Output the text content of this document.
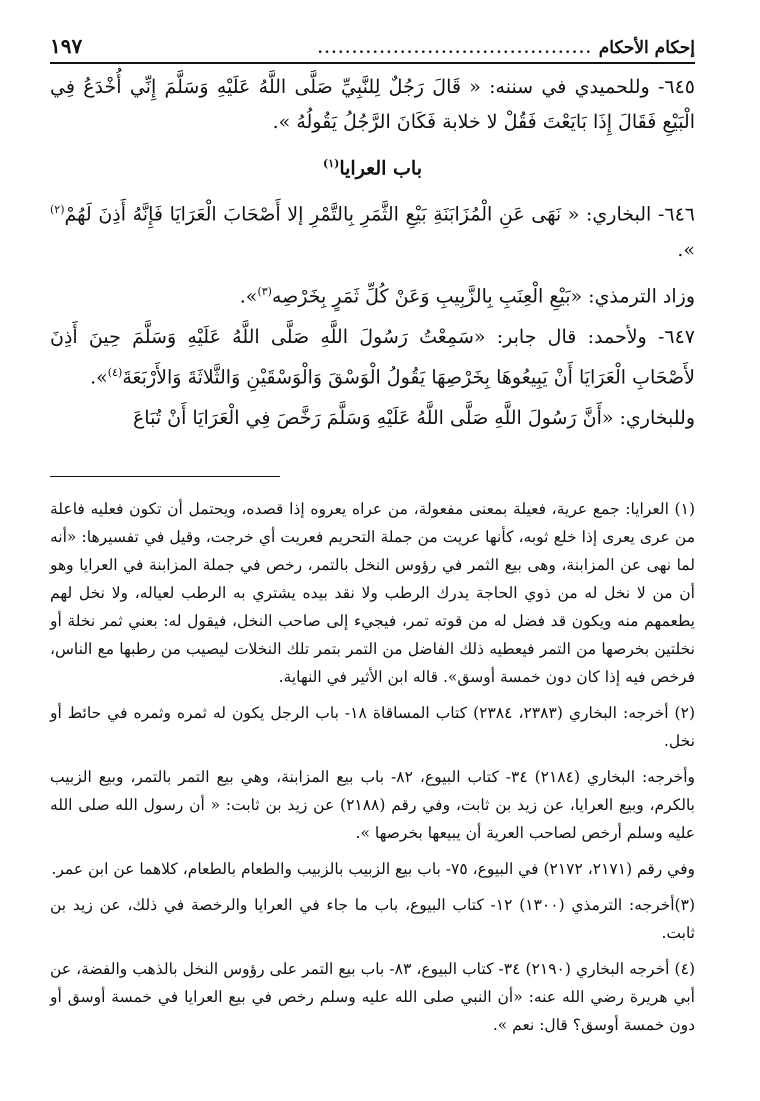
إحكام الأحكام
........................................
١٩٧

٦٤٥- وللحميدي في سننه: « قَالَ رَجُلٌ لِلنَّبِيِّ صَلَّى اللَّهُ عَلَيْهِ وَسَلَّمَ إِنِّي أُخْدَعُ فِي الْبَيْعِ فَقَالَ إِذَا بَايَعْتَ فَقُلْ لا خلابة فَكَانَ الرَّجُلُ يَقُولُهُ ».

باب العرايا$^{(١)}$

٦٤٦- البخاري: « نَهَى عَنِ الْمُزَابَنَةِ بَيْعِ الثَّمَرِ بِالتَّمْرِ إلا أَصْحَابَ الْعَرَايَا فَإِنَّهُ أَذِنَ لَهُمْ$^{(٢)}$ ».

وزاد الترمذي: «بَيْعِ الْعِنَبِ بِالزَّبِيبِ وَعَنْ كُلِّ ثَمَرٍ بِخَرْصِه$^{(٣)}$».

٦٤٧- ولأحمد: قال جابر: «سَمِعْتُ رَسُولَ اللَّهِ صَلَّى اللَّهُ عَلَيْهِ وَسَلَّمَ حِينَ أَذِنَ لأَصْحَابِ الْعَرَايَا أَنْ يَبِيعُوهَا بِخَرْصِهَا يَقُولُ الْوَسْقَ وَالْوَسْقَيْنِ وَالثَّلاثَةَ وَالأَرْبَعَةَ$^{(٤)}$».

وللبخاري: «أَنَّ رَسُولَ اللَّهِ صَلَّى اللَّهُ عَلَيْهِ وَسَلَّمَ رَخَّصَ فِي الْعَرَايَا أَنْ تُبَاعَ

(١) العرايا: جمع عرية، فعيلة بمعنى مفعولة، من عراه يعروه إذا قصده، ويحتمل أن تكون فعليه فاعلة من عرى يعرى إذا خلع ثوبه، كأنها عريت من جملة التحريم فعريت أي خرجت، وقيل في تفسيرها: «أنه لما نهى عن المزابنة، وهى بيع الثمر في رؤوس النخل بالتمر، رخص في جملة المزابنة في العرايا وهو أن من لا نخل له من ذوي الحاجة يدرك الرطب ولا نقد بيده يشتري به الرطب لعياله، ولا نخل لهم يطعمهم منه ويكون قد فضل له من قوته تمر، فيجيء إلى صاحب النخل، فيقول له: بعني ثمر نخلة أو نخلتين بخرصها من التمر فيعطيه ذلك الفاضل من التمر بتمر تلك النخلات ليصيب من رطبها مع الناس، فرخص فيه إذا كان دون خمسة أوسق». قاله ابن الأثير في النهاية.

(٢) أخرجه: البخاري (٢٣٨٣، ٢٣٨٤) كتاب المساقاة ١٨- باب الرجل يكون له ثمره وثمره في حائط أو نخل.

وأخرجه: البخاري (٢١٨٤) ٣٤- كتاب البيوع، ٨٢- باب بيع المزابنة، وهي بيع التمر بالتمر، وبيع الزبيب بالكرم، وبيع العرايا، عن زيد بن ثابت، وفي رقم (٢١٨٨) عن زيد بن ثابت: « أن رسول الله صلى الله عليه وسلم أرخص لصاحب العرية أن يبيعها بخرصها ».

وفي رقم (٢١٧١، ٢١٧٢) في البيوع، ٧٥- باب بيع الزبيب بالزبيب والطعام بالطعام، كلاهما عن ابن عمر.

(٣)أخرجه: الترمذي (١٣٠٠) ١٢- كتاب البيوع، باب ما جاء في العرايا والرخصة في ذلك، عن زيد بن ثابت.

(٤) أخرجه البخاري (٢١٩٠) ٣٤- كتاب البيوع، ٨٣- باب بيع التمر على رؤوس النخل بالذهب والفضة، عن أبي هريرة رضي الله عنه: «أن النبي صلى الله عليه وسلم رخص في بيع العرايا في خمسة أوسق أو دون خمسة أوسق؟ قال: نعم ».
